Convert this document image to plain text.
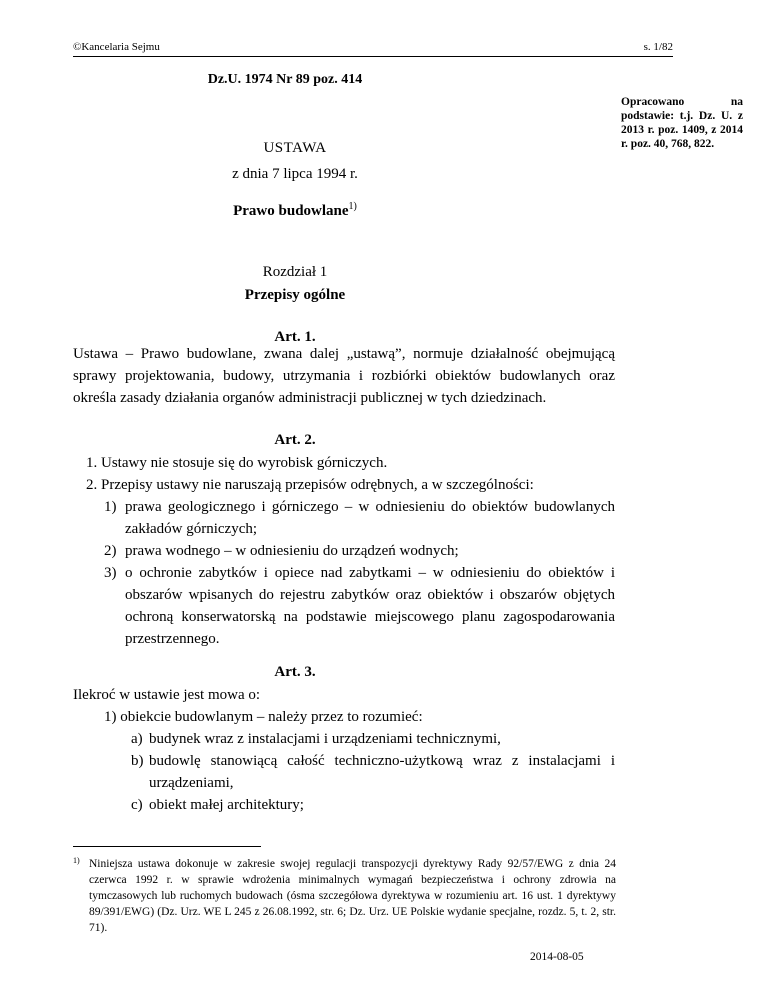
©Kancelaria Sejmu	s. 1/82
Dz.U. 1974 Nr 89 poz. 414
Opracowano na podstawie: t.j. Dz. U. z 2013 r. poz. 1409, z 2014 r. poz. 40, 768, 822.
USTAWA
z dnia 7 lipca 1994 r.
Prawo budowlane$^{1)}$
Rozdział 1
Przepisy ogólne
Art. 1.
Ustawa – Prawo budowlane, zwana dalej „ustawą”, normuje działalność obejmującą sprawy projektowania, budowy, utrzymania i rozbiórki obiektów budowlanych oraz określa zasady działania organów administracji publicznej w tych dziedzinach.
Art. 2.
1. Ustawy nie stosuje się do wyrobisk górniczych.
2. Przepisy ustawy nie naruszają przepisów odrębnych, a w szczególności:
1) prawa geologicznego i górniczego – w odniesieniu do obiektów budowlanych zakładów górniczych;
2) prawa wodnego – w odniesieniu do urządzeń wodnych;
3) o ochronie zabytków i opiece nad zabytkami – w odniesieniu do obiektów i obszarów wpisanych do rejestru zabytków oraz obiektów i obszarów objętych ochroną konserwatorską na podstawie miejscowego planu zagospodarowania przestrzennego.
Art. 3.
Ilekroć w ustawie jest mowa o:
1) obiekcie budowlanym – należy przez to rozumieć:
a) budynek wraz z instalacjami i urządzeniami technicznymi,
b) budowlę stanowiącą całość techniczno-użytkową wraz z instalacjami i urządzeniami,
c) obiekt małej architektury;
1) Niniejsza ustawa dokonuje w zakresie swojej regulacji transpozycji dyrektywy Rady 92/57/EWG z dnia 24 czerwca 1992 r. w sprawie wdrożenia minimalnych wymagań bezpieczeństwa i ochrony zdrowia na tymczasowych lub ruchomych budowach (ósma szczegółowa dyrektywa w rozumieniu art. 16 ust. 1 dyrektywy 89/391/EWG) (Dz. Urz. WE L 245 z 26.08.1992, str. 6; Dz. Urz. UE Polskie wydanie specjalne, rozdz. 5, t. 2, str. 71).
2014-08-05
